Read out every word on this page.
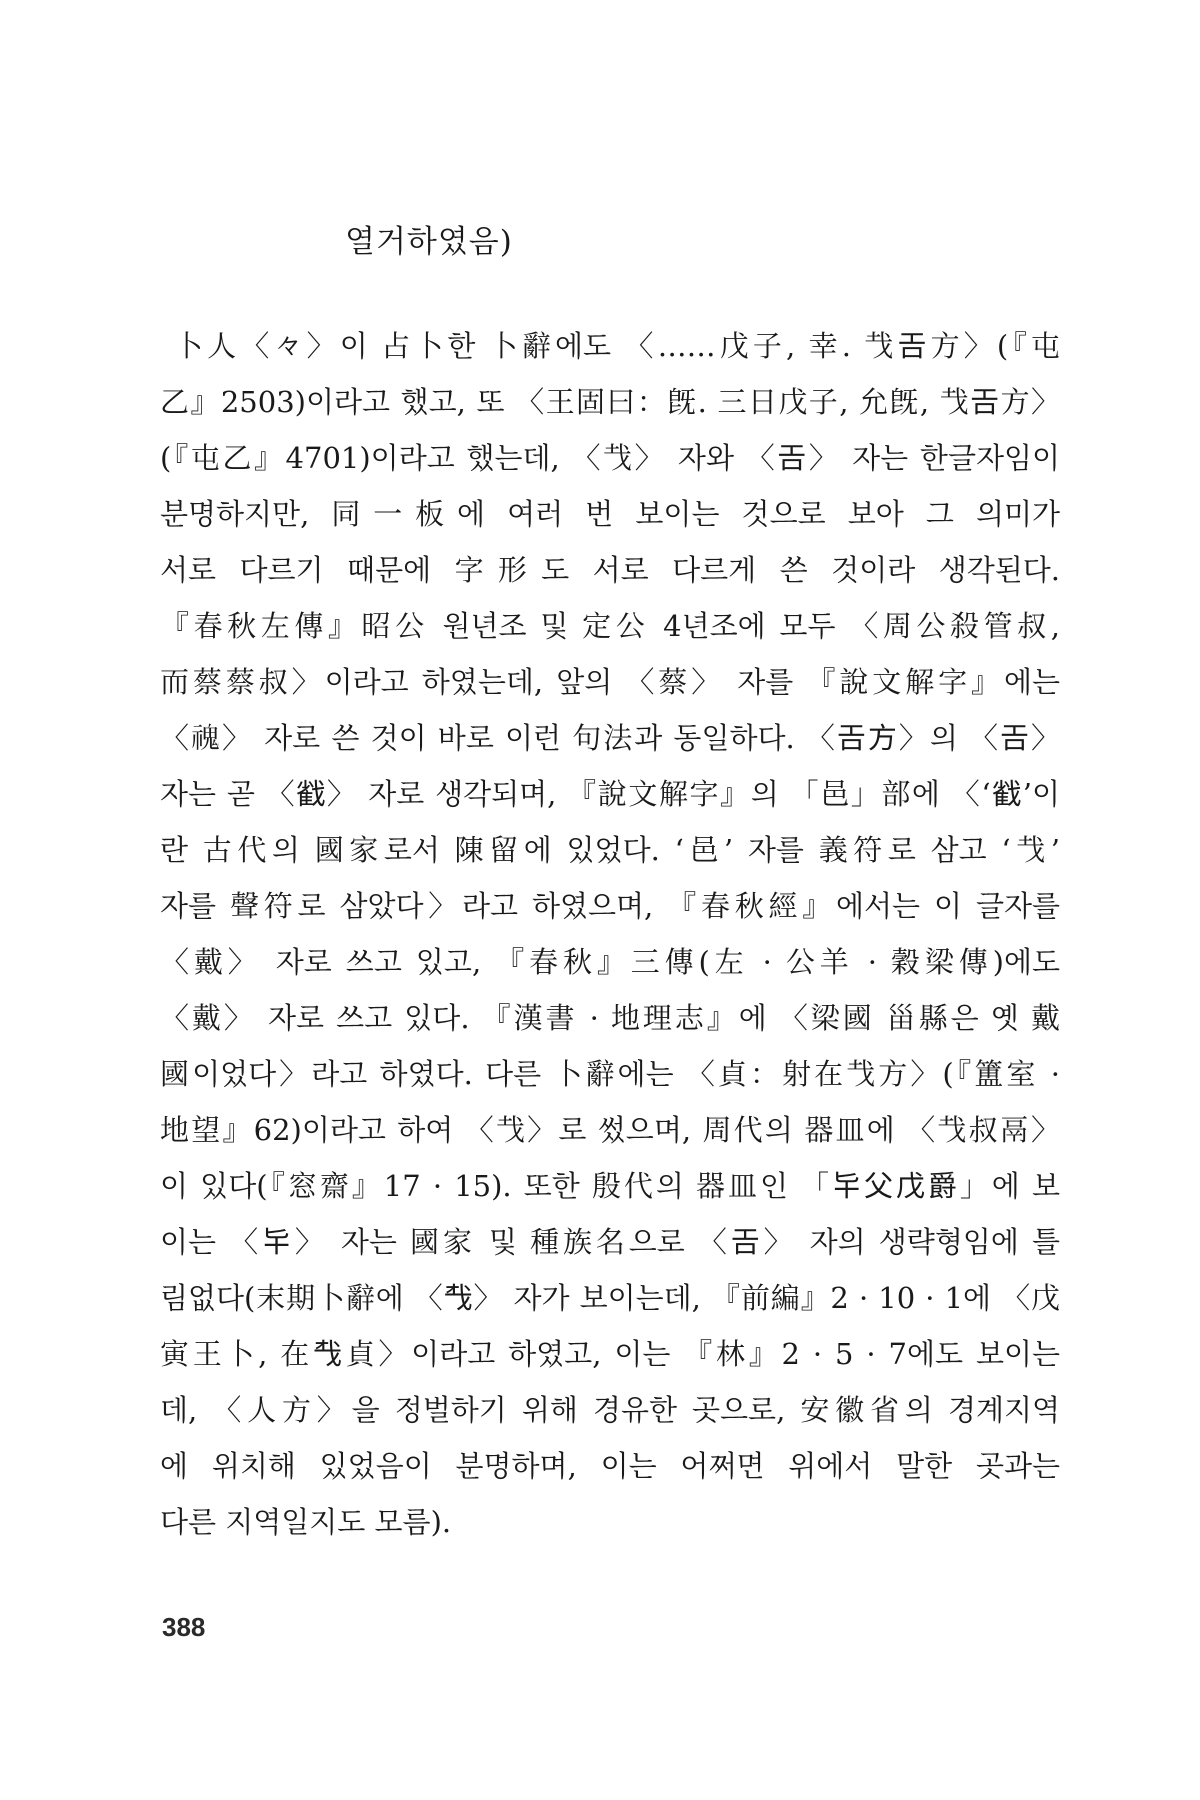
열거하였음)
卜人〈𠚤〉이 占卜한 卜辭에도 〈……戊子, 幸. 𢦏𢀛方〉(『屯
乙』2503)이라고 했고, 또 〈王固曰：旣. 三日戊子, 允旣, 𢦏𢀛方〉
(『屯乙』4701)이라고 했는데, 〈𢦏〉 자와 〈𢀛〉 자는 한글자임이
분명하지만, 同一板에 여러 번 보이는 것으로 보아 그 의미가
서로 다르기 때문에 字形도 서로 다르게 쓴 것이라 생각된다.
『春秋左傳』昭公 원년조 및 定公 4년조에 모두 〈周公殺管叔,
而蔡蔡叔〉이라고 하였는데, 앞의 〈蔡〉 자를 『說文解字』에는
〈𩲡〉 자로 쓴 것이 바로 이런 句法과 동일하다. 〈𢀛方〉의 〈𢀛〉
자는 곧 〈𢧵〉 자로 생각되며, 『說文解字』의 「邑」部에 〈‘𢧵’이
란 古代의 國家로서 陳留에 있었다. ‘邑’ 자를 義符로 삼고 ‘𢦏’
자를 聲符로 삼았다〉라고 하였으며, 『春秋經』에서는 이 글자를
〈戴〉 자로 쓰고 있고, 『春秋』三傳(左 · 公羊 · 穀梁傳)에도
〈戴〉 자로 쓰고 있다. 『漢書 · 地理志』에 〈梁國 甾縣은 옛 戴
國이었다〉라고 하였다. 다른 卜辭에는 〈貞：射在𢦏方〉(『簠室 ·
地望』62)이라고 하여 〈𢦏〉로 썼으며, 周代의 器皿에 〈𢦏叔鬲〉
이 있다(『窓齋』17 · 15). 또한 殷代의 器皿인 「𠤏父戊爵」에 보
이는 〈𠤏〉 자는 國家 및 種族名으로 〈𢀛〉 자의 생략형임에 틀
림없다(末期卜辭에 〈𢦔〉 자가 보이는데, 『前編』2 · 10 · 1에 〈戊
寅王卜, 在𢦔貞〉이라고 하였고, 이는 『林』2 · 5 · 7에도 보이는
데, 〈人方〉을 정벌하기 위해 경유한 곳으로, 安徽省의 경계지역
에 위치해 있었음이 분명하며, 이는 어쩌면 위에서 말한 곳과는
다른 지역일지도 모름).
388
